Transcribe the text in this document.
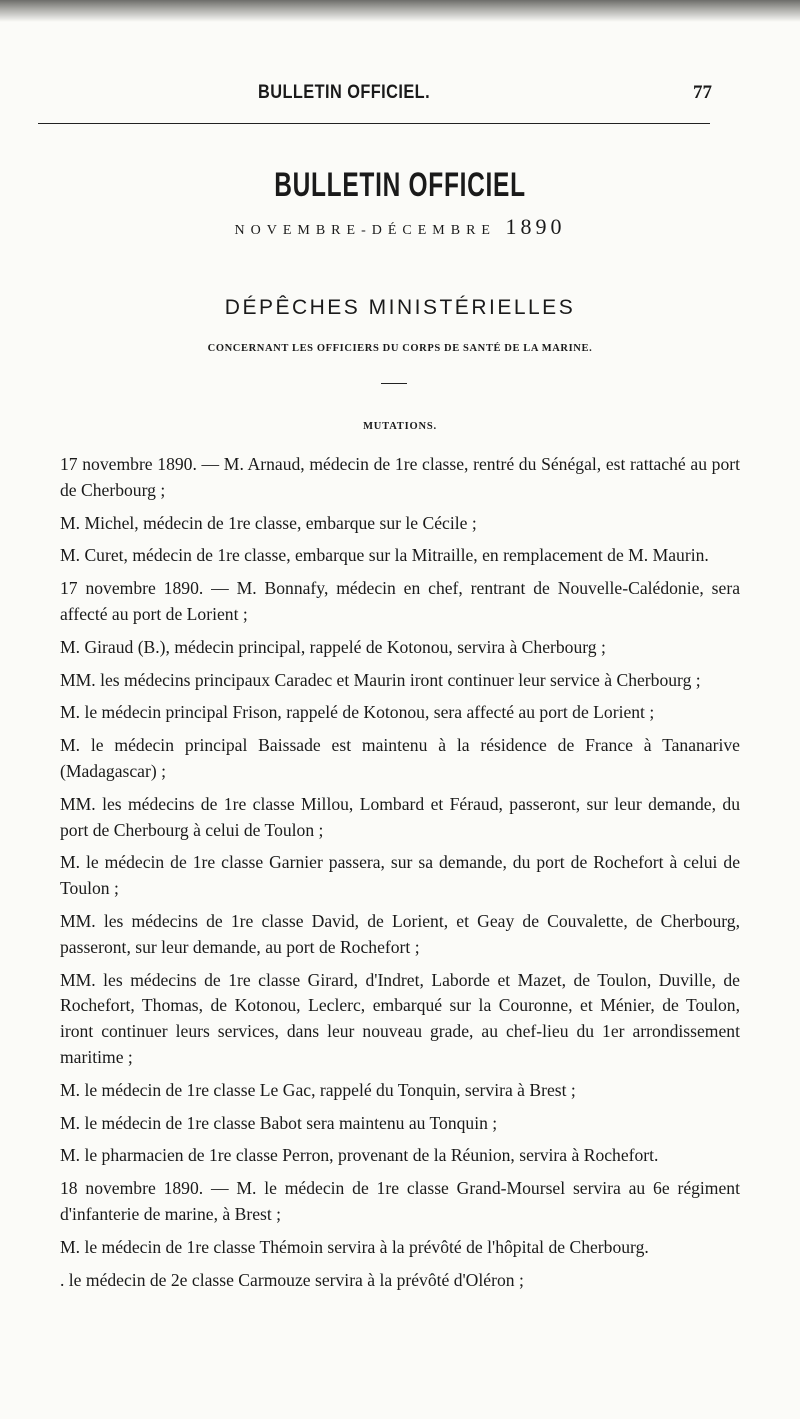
BULLETIN OFFICIEL.	77
BULLETIN OFFICIEL
NOVEMBRE-DÉCEMBRE 1890
DÉPÊCHES MINISTÉRIELLES
CONCERNANT LES OFFICIERS DU CORPS DE SANTÉ DE LA MARINE.
MUTATIONS.

17 novembre 1890. — M. Arnaud, médecin de 1re classe, rentré du Sénégal, est rattaché au port de Cherbourg ;

M. Michel, médecin de 1re classe, embarque sur le Cécile ;

M. Curet, médecin de 1re classe, embarque sur la Mitraille, en remplacement de M. Maurin.

17 novembre 1890. — M. Bonnafy, médecin en chef, rentrant de Nouvelle-Calédonie, sera affecté au port de Lorient ;

M. Giraud (B.), médecin principal, rappelé de Kotonou, servira à Cherbourg ;

MM. les médecins principaux Caradec et Maurin iront continuer leur service à Cherbourg ;

M. le médecin principal Frison, rappelé de Kotonou, sera affecté au port de Lorient ;

M. le médecin principal Baissade est maintenu à la résidence de France à Tananarive (Madagascar) ;

MM. les médecins de 1re classe Millou, Lombard et Féraud, passeront, sur leur demande, du port de Cherbourg à celui de Toulon ;

M. le médecin de 1re classe Garnier passera, sur sa demande, du port de Rochefort à celui de Toulon ;

MM. les médecins de 1re classe David, de Lorient, et Geay de Couvalette, de Cherbourg, passeront, sur leur demande, au port de Rochefort ;

MM. les médecins de 1re classe Girard, d'Indret, Laborde et Mazet, de Toulon, Duville, de Rochefort, Thomas, de Kotonou, Leclerc, embarqué sur la Couronne, et Ménier, de Toulon, iront continuer leurs services, dans leur nouveau grade, au chef-lieu du 1er arrondissement maritime ;

M. le médecin de 1re classe Le Gac, rappelé du Tonquin, servira à Brest ;

M. le médecin de 1re classe Babot sera maintenu au Tonquin ;

M. le pharmacien de 1re classe Perron, provenant de la Réunion, servira à Rochefort.

18 novembre 1890. — M. le médecin de 1re classe Grand-Moursel servira au 6e régiment d'infanterie de marine, à Brest ;

M. le médecin de 1re classe Thémoin servira à la prévôté de l'hôpital de Cherbourg.

. le médecin de 2e classe Carmouze servira à la prévôté d'Oléron ;
